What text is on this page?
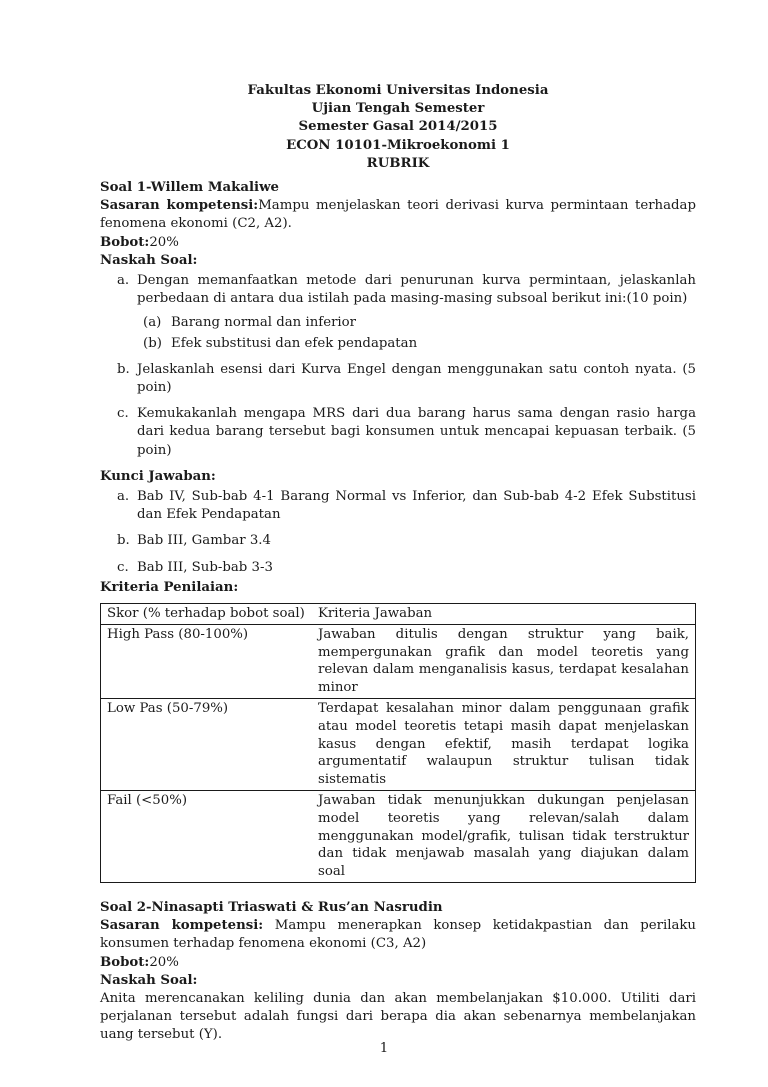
Fakultas Ekonomi Universitas Indonesia
Ujian Tengah Semester
Semester Gasal 2014/2015
ECON 10101-Mikroekonomi 1
RUBRIK

Soal 1-Willem Makaliwe

Sasaran kompetensi:Mampu menjelaskan teori derivasi kurva permintaan terhadap fenomena ekonomi (C2, A2).

Bobot:20%

Naskah Soal:

a. Dengan memanfaatkan metode dari penurunan kurva permintaan, jelaskanlah perbedaan di antara dua istilah pada masing-masing subsoal berikut ini:(10 poin)
(a) Barang normal dan inferior
(b) Efek substitusi dan efek pendapatan
b. Jelaskanlah esensi dari Kurva Engel dengan menggunakan satu contoh nyata. (5 poin)
c. Kemukakanlah mengapa MRS dari dua barang harus sama dengan rasio harga dari kedua barang tersebut bagi konsumen untuk mencapai kepuasan terbaik. (5 poin)

Kunci Jawaban:

a. Bab IV, Sub-bab 4-1 Barang Normal vs Inferior, dan Sub-bab 4-2 Efek Substitusi dan Efek Pendapatan
b. Bab III, Gambar 3.4
c. Bab III, Sub-bab 3-3

Kriteria Penilaian:

Skor (% terhadap bobot soal)	Kriteria Jawaban
High Pass (80-100%)	Jawaban ditulis dengan struktur yang baik, mempergunakan grafik dan model teoretis yang relevan dalam menganalisis kasus, terdapat kesalahan minor
Low Pas (50-79%)	Terdapat kesalahan minor dalam penggunaan grafik atau model teoretis tetapi masih dapat menjelaskan kasus dengan efektif, masih terdapat logika argumentatif walaupun struktur tulisan tidak sistematis
Fail (<50%)	Jawaban tidak menunjukkan dukungan penjelasan model teoretis yang relevan/salah dalam menggunakan model/grafik, tulisan tidak terstruktur dan tidak menjawab masalah yang diajukan dalam soal

Soal 2-Ninasapti Triaswati & Rus’an Nasrudin

Sasaran kompetensi: Mampu menerapkan konsep ketidakpastian dan perilaku konsumen terhadap fenomena ekonomi (C3, A2)

Bobot:20%

Naskah Soal:

Anita merencanakan keliling dunia dan akan membelanjakan $10.000. Utiliti dari perjalanan tersebut adalah fungsi dari berapa dia akan sebenarnya membelanjakan uang tersebut (Y).

1
